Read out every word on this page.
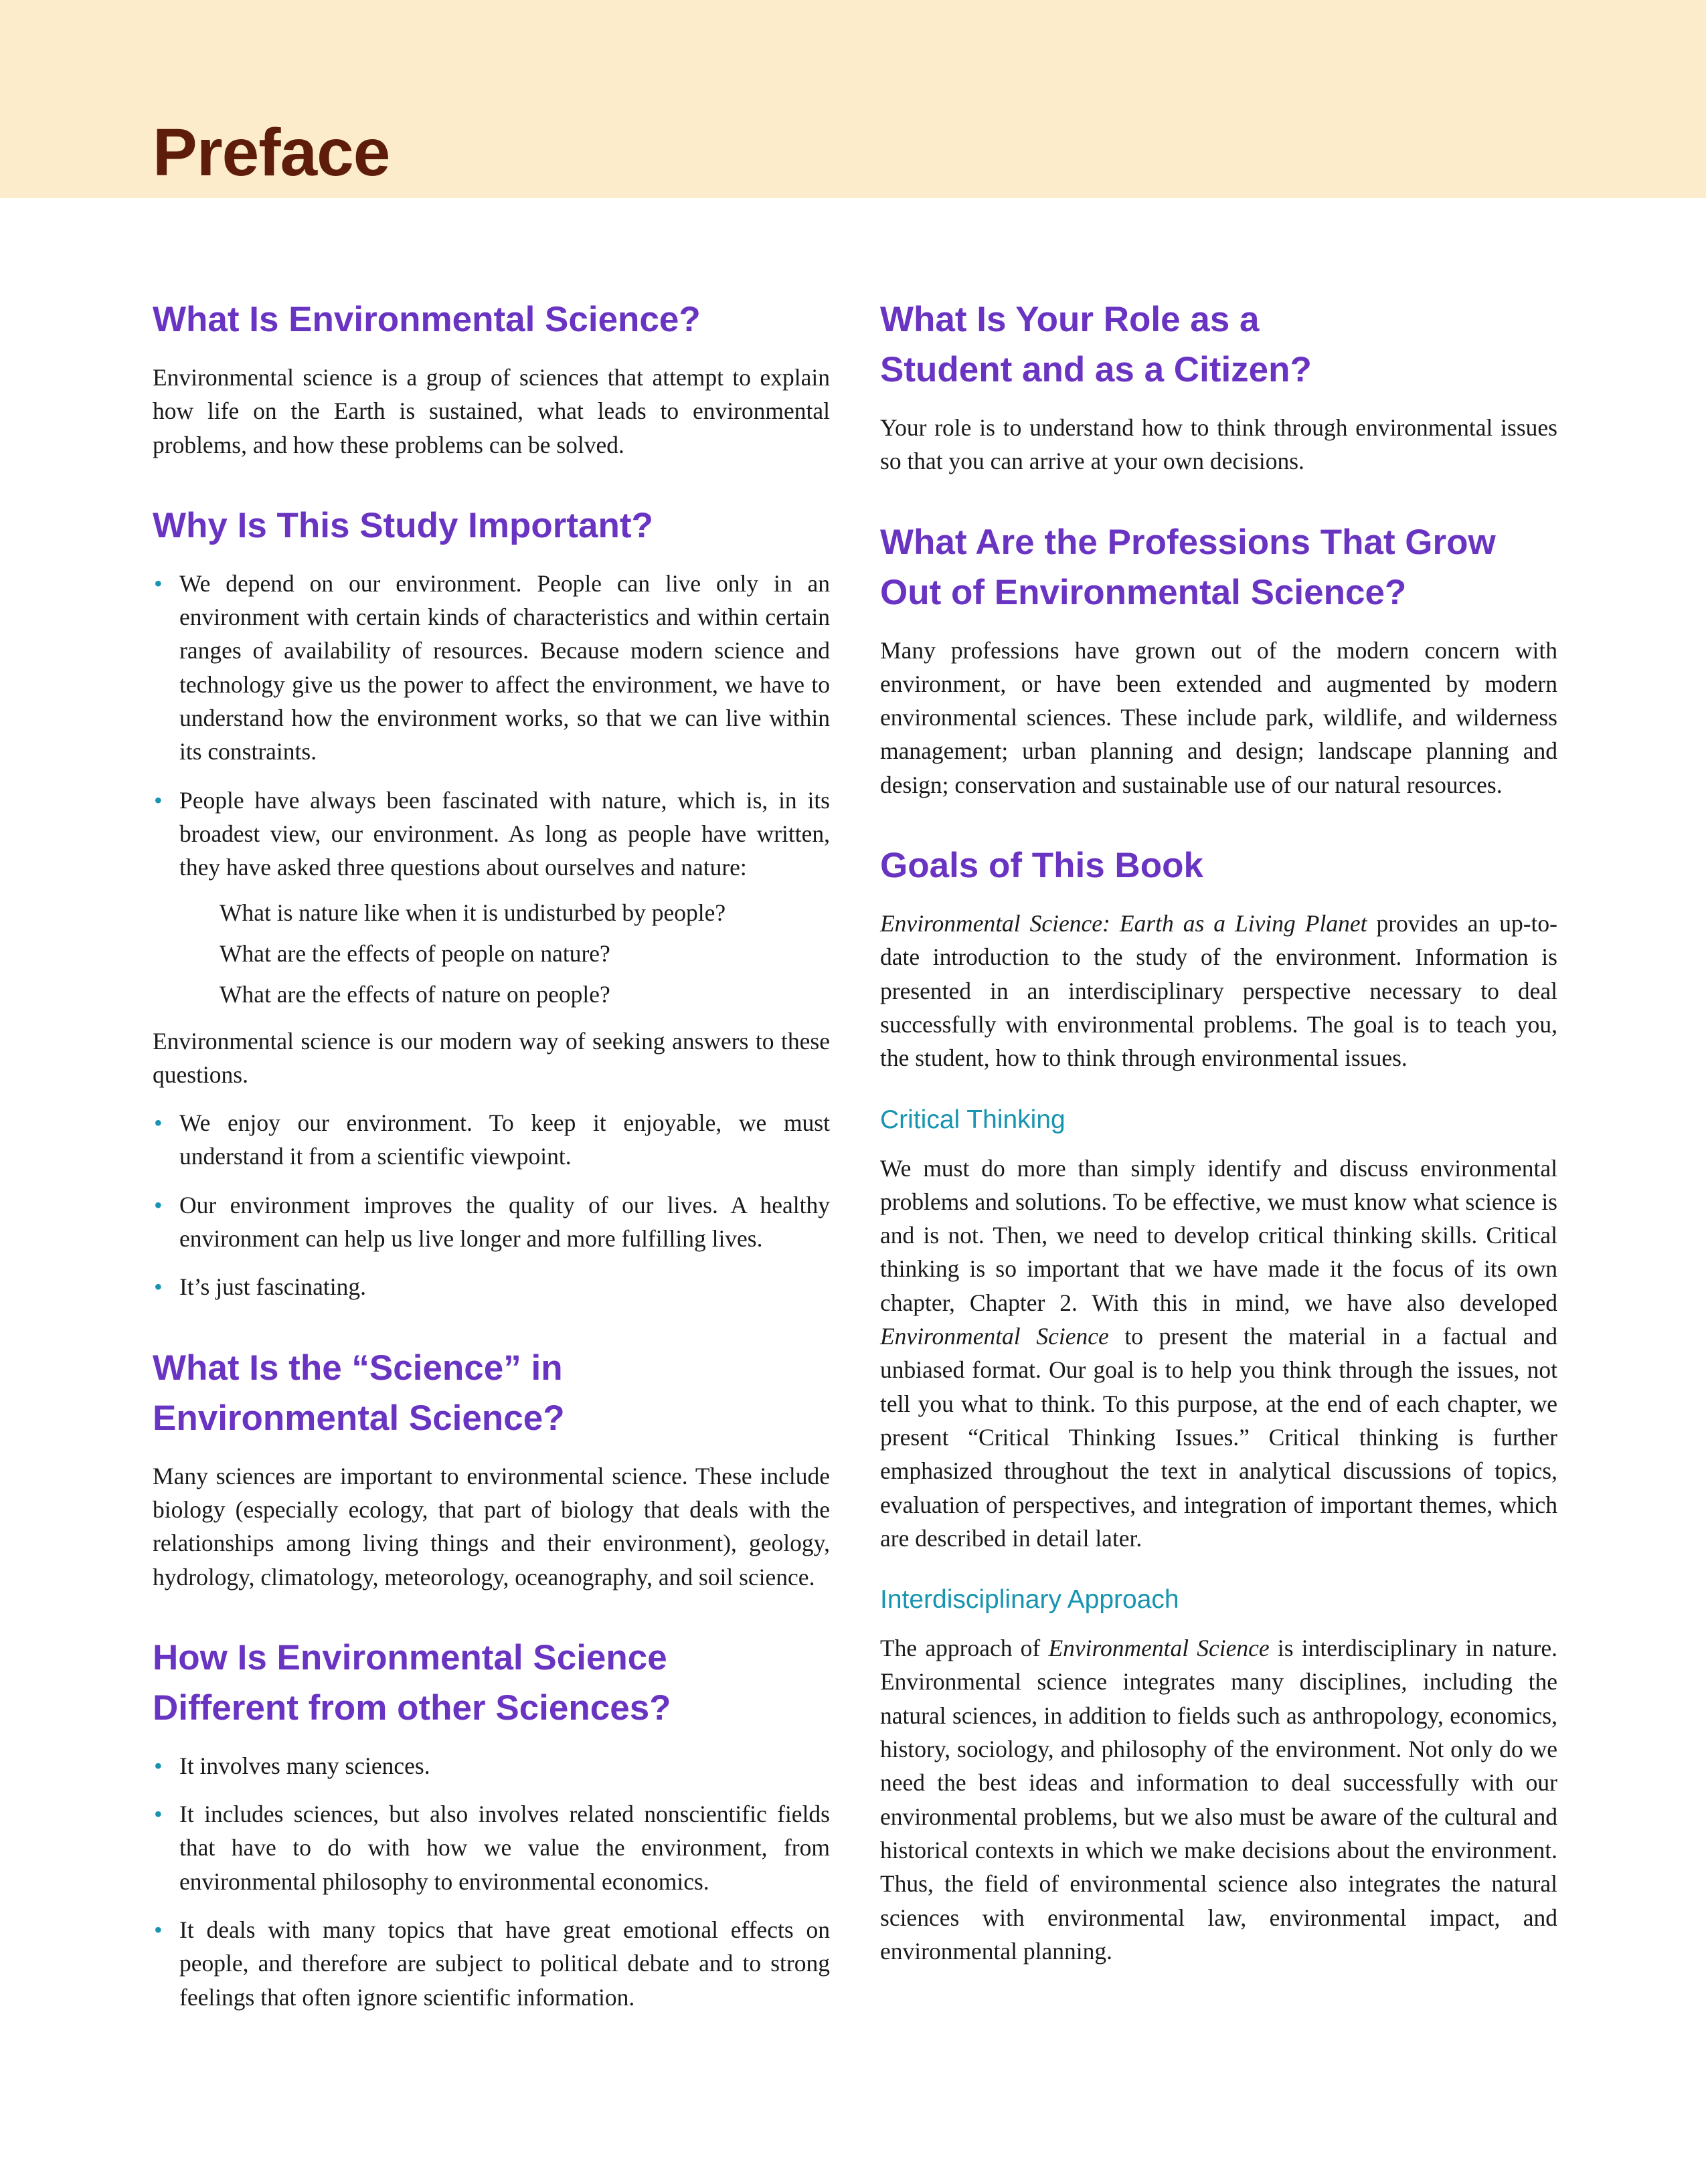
Preface
What Is Environmental Science?

Environmental science is a group of sciences that attempt to explain how life on the Earth is sustained, what leads to environmental problems, and how these problems can be solved.

Why Is This Study Important?
• We depend on our environment. People can live only in an environment with certain kinds of characteristics and within certain ranges of availability of resources. Because modern science and technology give us the power to affect the environment, we have to understand how the environment works, so that we can live within its constraints.
• People have always been fascinated with nature, which is, in its broadest view, our environment. As long as people have written, they have asked three questions about ourselves and nature:
What is nature like when it is undisturbed by people?
What are the effects of people on nature?
What are the effects of nature on people?

Environmental science is our modern way of seeking answers to these questions.

• We enjoy our environment. To keep it enjoyable, we must understand it from a scientific viewpoint.
• Our environment improves the quality of our lives. A healthy environment can help us live longer and more fulfilling lives.
• It’s just fascinating.
What Is the “Science” in
Environmental Science?

Many sciences are important to environmental science. These include biology (especially ecology, that part of biology that deals with the relationships among living things and their environment), geology, hydrology, climatology, meteorology, oceanography, and soil science.

How Is Environmental Science
Different from other Sciences?
• It involves many sciences.
• It includes sciences, but also involves related nonscientific fields that have to do with how we value the environment, from environmental philosophy to environmental economics.
• It deals with many topics that have great emotional effects on people, and therefore are subject to political debate and to strong feelings that often ignore scientific information.
What Is Your Role as a
Student and as a Citizen?

Your role is to understand how to think through environmental issues so that you can arrive at your own decisions.

What Are the Professions That Grow
Out of Environmental Science?

Many professions have grown out of the modern concern with environment, or have been extended and augmented by modern environmental sciences. These include park, wildlife, and wilderness management; urban planning and design; landscape planning and design; conservation and sustainable use of our natural resources.

Goals of This Book

Environmental Science: Earth as a Living Planet provides an up-to-date introduction to the study of the environment. Information is presented in an interdisciplinary perspective necessary to deal successfully with environmental problems. The goal is to teach you, the student, how to think through environmental issues.

Critical Thinking

We must do more than simply identify and discuss environmental problems and solutions. To be effective, we must know what science is and is not. Then, we need to develop critical thinking skills. Critical thinking is so important that we have made it the focus of its own chapter, Chapter 2. With this in mind, we have also developed Environmental Science to present the material in a factual and unbiased format. Our goal is to help you think through the issues, not tell you what to think. To this purpose, at the end of each chapter, we present “Critical Thinking Issues.” Critical thinking is further emphasized throughout the text in analytical discussions of topics, evaluation of perspectives, and integration of important themes, which are described in detail later.

Interdisciplinary Approach

The approach of Environmental Science is interdisciplinary in nature. Environmental science integrates many disciplines, including the natural sciences, in addition to fields such as anthropology, economics, history, sociology, and philosophy of the environment. Not only do we need the best ideas and information to deal successfully with our environmental problems, but we also must be aware of the cultural and historical contexts in which we make decisions about the environment. Thus, the field of environmental science also integrates the natural sciences with environmental law, environmental impact, and environmental planning.
